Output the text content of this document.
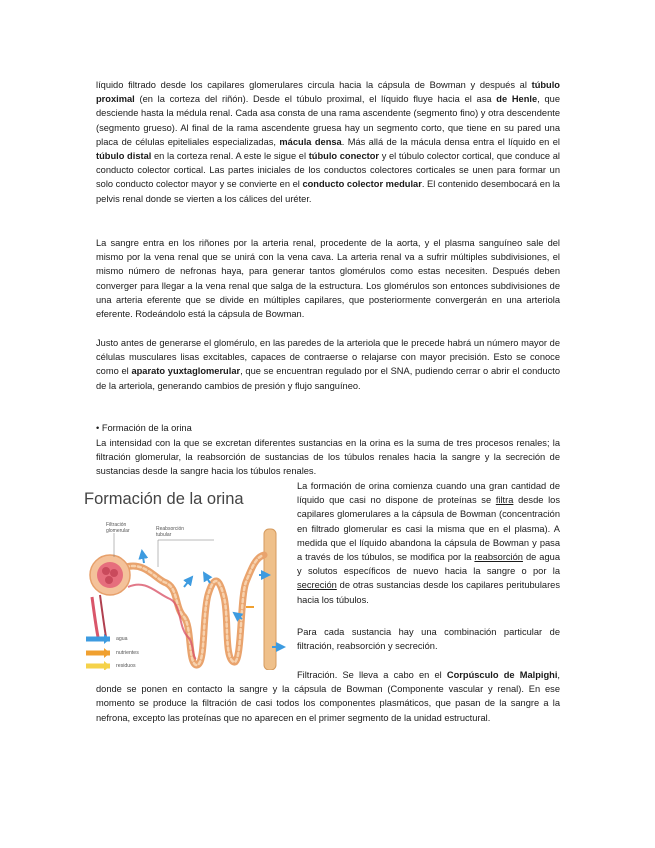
líquido filtrado desde los capilares glomerulares circula hacia la cápsula de Bowman y después al túbulo proximal (en la corteza del riñón). Desde el túbulo proximal, el líquido fluye hacia el asa de Henle, que desciende hasta la médula renal. Cada asa consta de una rama ascendente (segmento fino) y otra descendente (segmento grueso). Al final de la rama ascendente gruesa hay un segmento corto, que tiene en su pared una placa de células epiteliales especializadas, mácula densa. Más allá de la mácula densa entra el líquido en el túbulo distal en la corteza renal. A este le sigue el túbulo conector y el túbulo colector cortical, que conduce al conducto colector cortical. Las partes iniciales de los conductos colectores corticales se unen para formar un solo conducto colector mayor y se convierte en el conducto colector medular. El contenido desembocará en la pelvis renal donde se vierten a los cálices del uréter.

La sangre entra en los riñones por la arteria renal, procedente de la aorta, y el plasma sanguíneo sale del mismo por la vena renal que se unirá con la vena cava. La arteria renal va a sufrir múltiples subdivisiones, el mismo número de nefronas haya, para generar tantos glomérulos como estas necesiten. Después deben converger para llegar a la vena renal que salga de la estructura. Los glomérulos son entonces subdivisiones de una arteria eferente que se divide en múltiples capilares, que posteriormente convergerán en una arteriola eferente. Rodeándolo está la cápsula de Bowman.

Justo antes de generarse el glomérulo, en las paredes de la arteriola que le precede habrá un número mayor de células musculares lisas excitables, capaces de contraerse o relajarse con mayor precisión. Esto se conoce como el aparato yuxtaglomerular, que se encuentran regulado por el SNA, pudiendo cerrar o abrir el conducto de la arteriola, generando cambios de presión y flujo sanguíneo.

• Formación de la orina

La intensidad con la que se excretan diferentes sustancias en la orina es la suma de tres procesos renales; la filtración glomerular, la reabsorción de sustancias de los túbulos renales hacia la sangre y la secreción de sustancias desde la sangre hacia los túbulos renales.

La formación de orina comienza cuando una gran cantidad de líquido que casi no dispone de proteínas se filtra desde los capilares glomerulares a la cápsula de Bowman (concentración en filtrado glomerular es casi la misma que en el plasma). A medida que el líquido abandona la cápsula de Bowman y pasa a través de los túbulos, se modifica por la reabsorción de agua y solutos específicos de nuevo hacia la sangre o por la secreción de otras sustancias desde los capilares peritubulares hacia los túbulos.

Para cada sustancia hay una combinación particular de filtración, reabsorción y secreción.

Filtración. Se lleva a cabo en el Corpúsculo de Malpighi, donde se ponen en contacto la sangre y la cápsula de Bowman (Componente vascular y renal). En ese momento se produce la filtración de casi todos los componentes plasmáticos, que pasan de la sangre a la nefrona, excepto las proteínas que no aparecen en el primer segmento de la unidad estructural.

Formación de la orina
Filtración glomerular	Reabsorción tubular
agua
nutrientes
residuos
